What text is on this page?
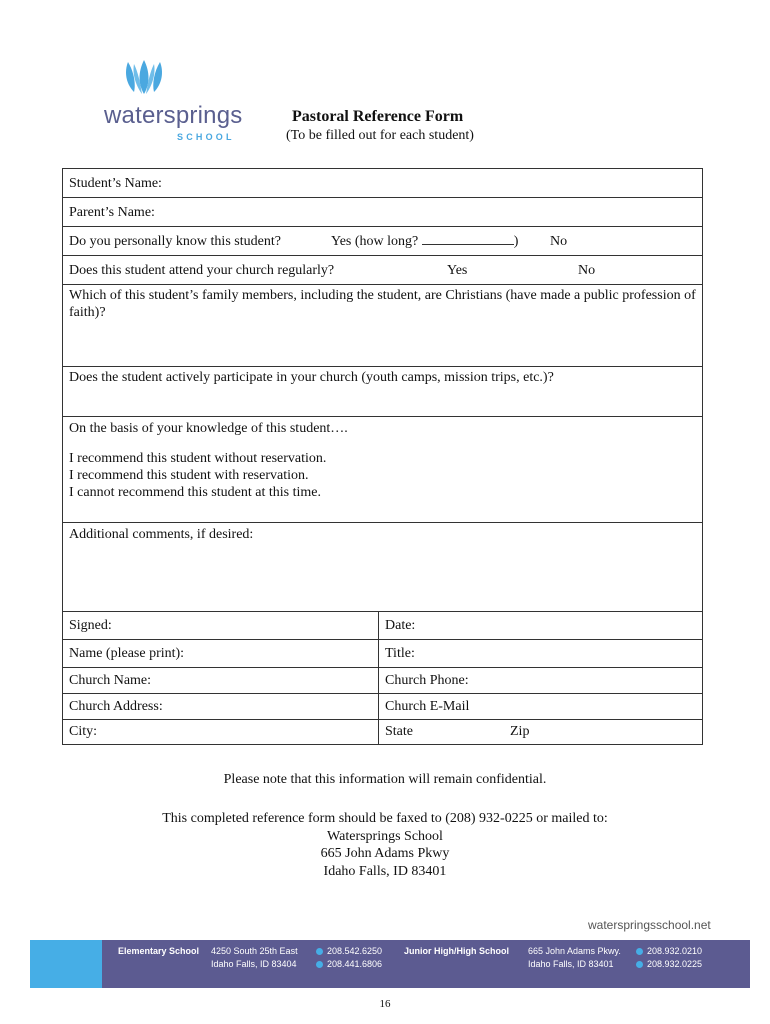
watersprings
SCHOOL
Pastoral Reference Form
(To be filled out for each student)
Student’s Name:
Parent’s Name:
Do you personally know this student?	Yes (how long?	) No
Does this student attend your church regularly?	Yes	No
Which of this student’s family members, including the student, are Christians (have made a public profession of faith)?
Does the student actively participate in your church (youth camps, mission trips, etc.)?
On the basis of your knowledge of this student….
I recommend this student without reservation.
I recommend this student with reservation.
I cannot recommend this student at this time.
Additional comments, if desired:
Signed:	Date:
Name (please print):	Title:
Church Name:	Church Phone:
Church Address:	Church E-Mail
City:	State	Zip
Please note that this information will remain confidential.
This completed reference form should be faxed to (208) 932-0225 or mailed to:
Watersprings School
665 John Adams Pkwy
Idaho Falls, ID 83401
waterspringsschool.net
Elementary School 4250 South 25th East
Idaho Falls, ID 83404
208.542.6250
208.441.6806
Junior High/High School 665 John Adams Pkwy.
Idaho Falls, ID 83401
208.932.0210
208.932.0225
16
